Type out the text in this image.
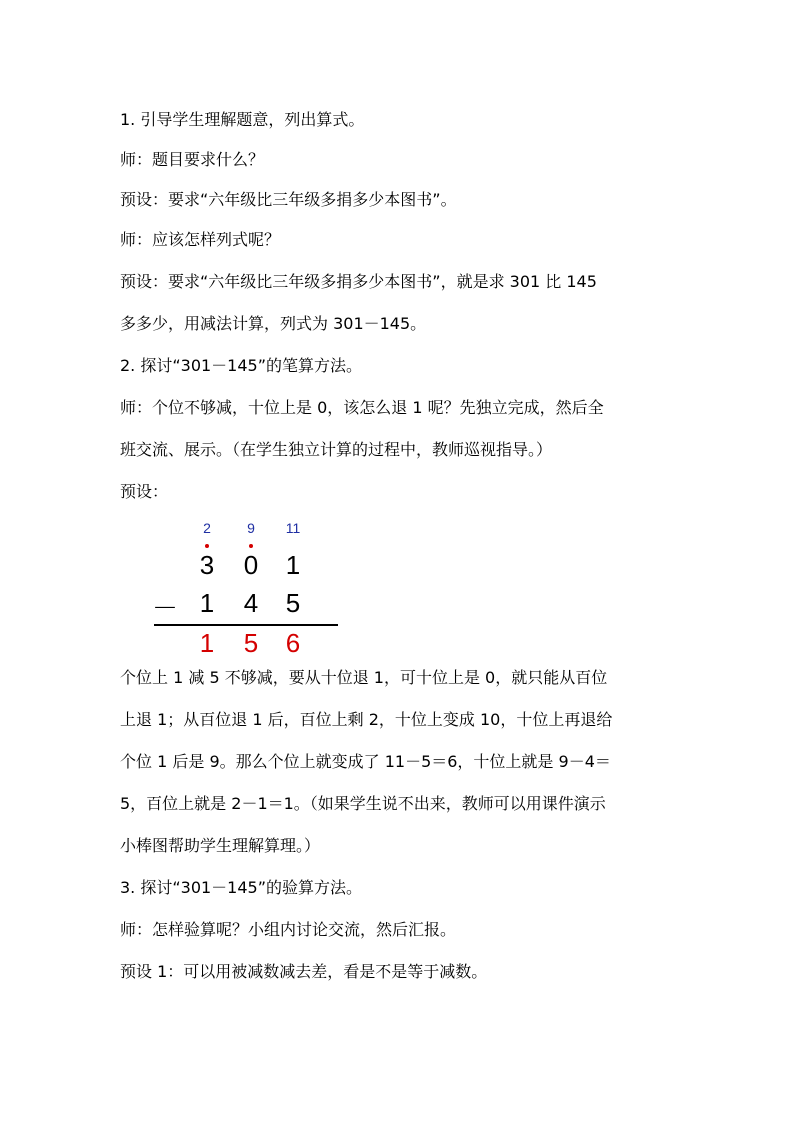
1. 引导学生理解题意，列出算式。
师：题目要求什么？
预设：要求“六年级比三年级多捐多少本图书”。
师：应该怎样列式呢？
预设：要求“六年级比三年级多捐多少本图书”，就是求 301 比 145
多多少，用减法计算，列式为 301－145。
2. 探讨“301－145”的笔算方法。
师：个位不够减，十位上是 0，该怎么退 1 呢？先独立完成，然后全
班交流、展示。（在学生独立计算的过程中，教师巡视指导。）
预设：
2	9	11
3 0 1
－ 1 4 5
1 5 6
个位上 1 减 5 不够减，要从十位退 1，可十位上是 0，就只能从百位
上退 1；从百位退 1 后，百位上剩 2，十位上变成 10，十位上再退给
个位 1 后是 9。那么个位上就变成了 11－5＝6，十位上就是 9－4＝
5，百位上就是 2－1＝1。（如果学生说不出来，教师可以用课件演示
小棒图帮助学生理解算理。）
3. 探讨“301－145”的验算方法。
师：怎样验算呢？小组内讨论交流，然后汇报。
预设 1：可以用被减数减去差，看是不是等于减数。
